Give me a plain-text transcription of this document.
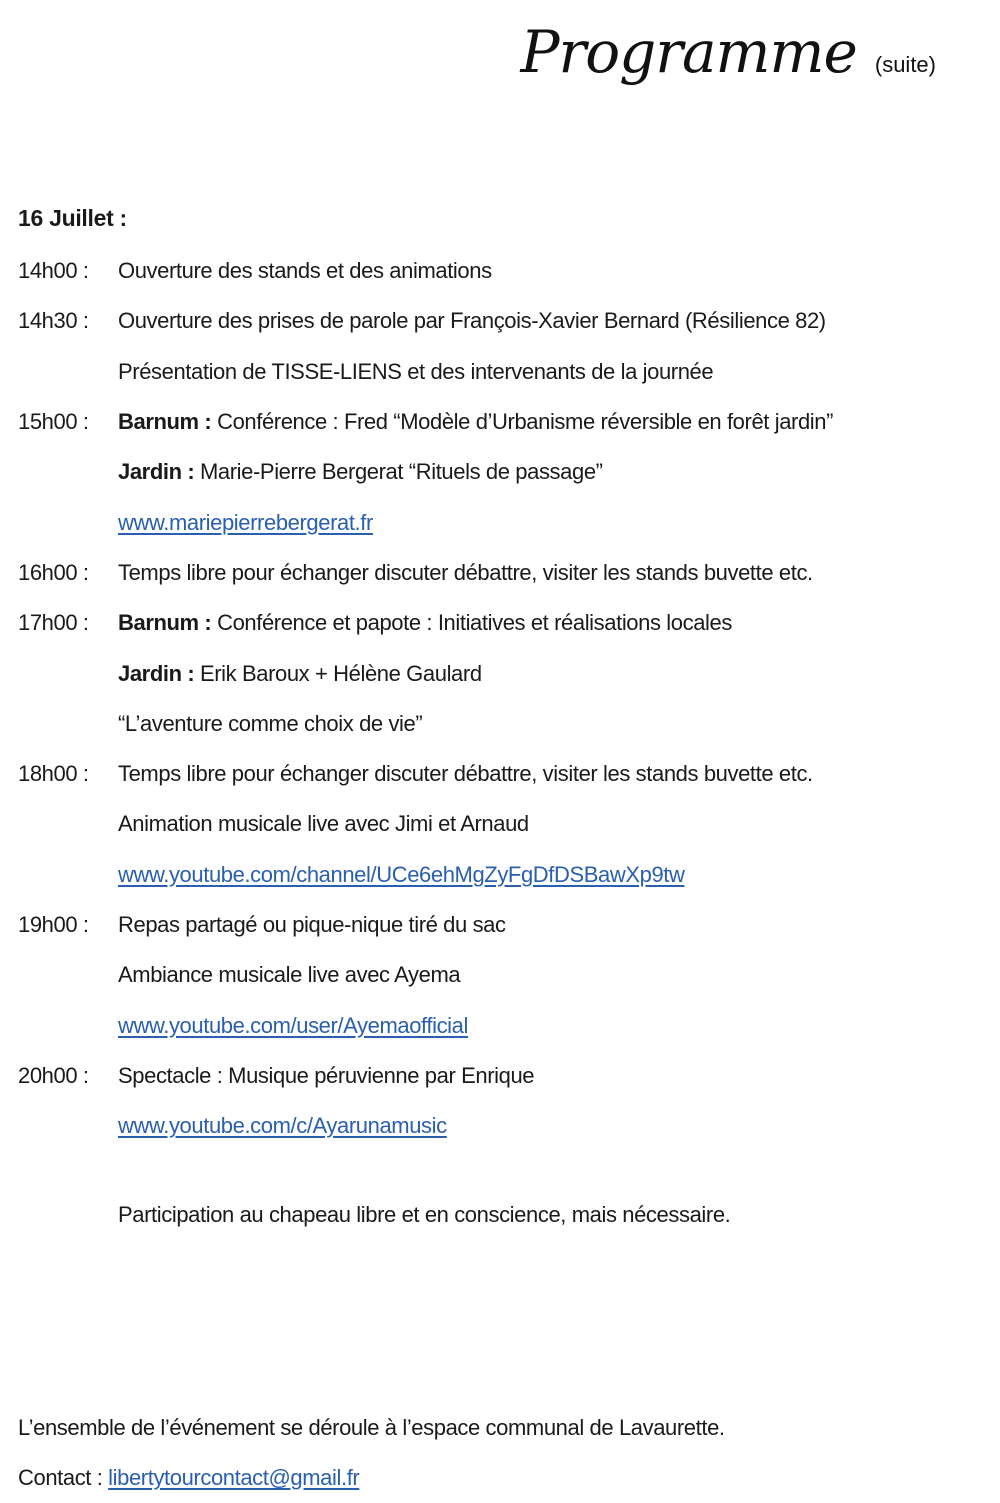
Programme (suite)
16 Juillet :
14h00 :	Ouverture des stands et des animations
14h30 :	Ouverture des prises de parole par François-Xavier Bernard (Résilience 82)
Présentation de TISSE-LIENS et des intervenants de la journée
15h00 :	Barnum : Conférence : Fred “Modèle d’Urbanisme réversible en forêt jardin”
Jardin : Marie-Pierre Bergerat “Rituels de passage”
www.mariepierrebergerat.fr
16h00 :	Temps libre pour échanger discuter débattre, visiter les stands buvette etc.
17h00 :	Barnum : Conférence et papote : Initiatives et réalisations locales
Jardin : Erik Baroux + Hélène Gaulard
“L’aventure comme choix de vie”
18h00 :	Temps libre pour échanger discuter débattre, visiter les stands buvette etc.
Animation musicale live avec Jimi et Arnaud
www.youtube.com/channel/UCe6ehMgZyFgDfDSBawXp9tw
19h00 :	Repas partagé ou pique-nique tiré du sac
Ambiance musicale live avec Ayema
www.youtube.com/user/Ayemaofficial
20h00 :	Spectacle : Musique péruvienne par Enrique
www.youtube.com/c/Ayarunamusic
Participation au chapeau libre et en conscience, mais nécessaire.
L’ensemble de l’événement se déroule à l’espace communal de Lavaurette.
Contact : libertytourcontact@gmail.fr
